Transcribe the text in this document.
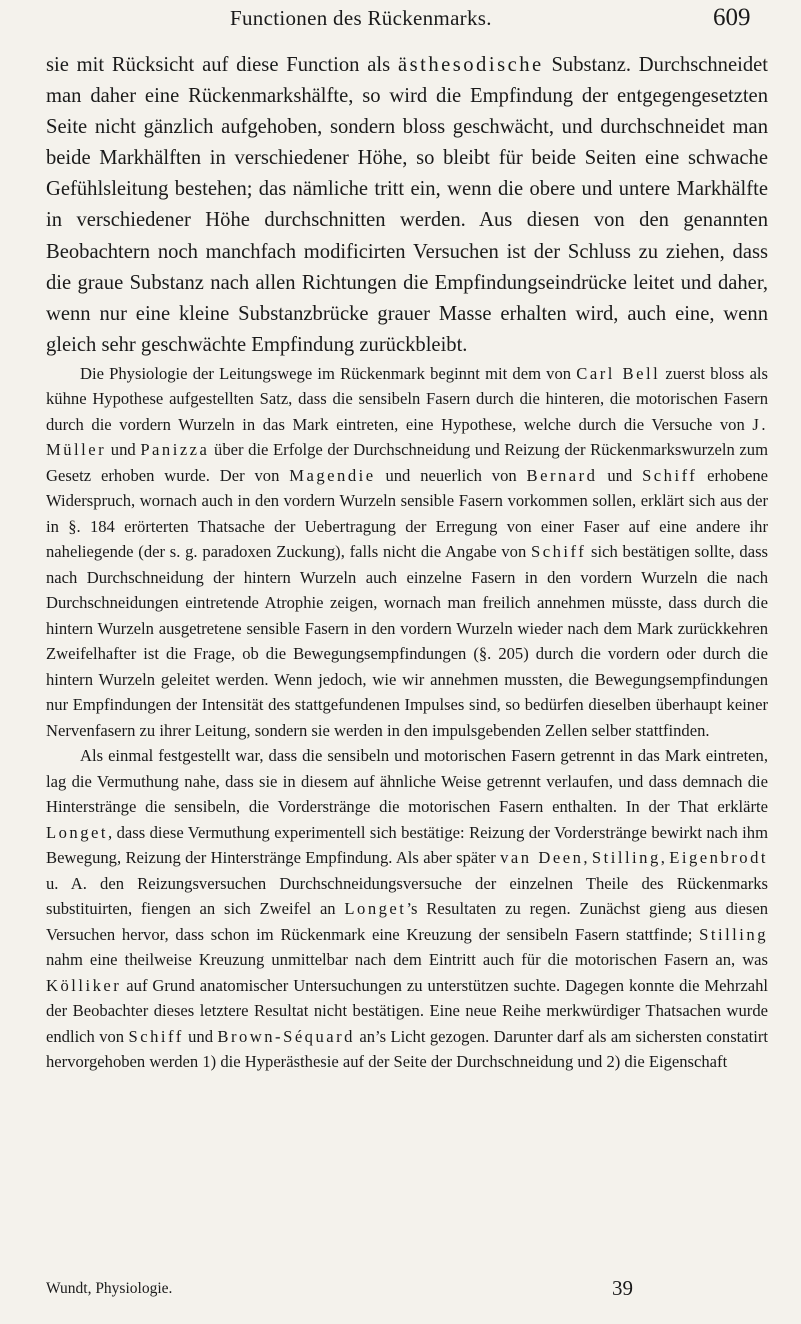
Functionen des Rückenmarks.	609

sie mit Rücksicht auf diese Function als ästhesodische Substanz. Durchschneidet man daher eine Rückenmarkshälfte, so wird die Empfindung der entgegengesetzten Seite nicht gänzlich aufgehoben, sondern bloss geschwächt, und durchschneidet man beide Markhälften in verschiedener Höhe, so bleibt für beide Seiten eine schwache Gefühlsleitung bestehen; das nämliche tritt ein, wenn die obere und untere Markhälfte in verschiedener Höhe durchschnitten werden. Aus diesen von den genannten Beobachtern noch manchfach modificirten Versuchen ist der Schluss zu ziehen, dass die graue Substanz nach allen Richtungen die Empfindungseindrücke leitet und daher, wenn nur eine kleine Substanzbrücke grauer Masse erhalten wird, auch eine, wenn gleich sehr geschwächte Empfindung zurückbleibt.

Die Physiologie der Leitungswege im Rückenmark beginnt mit dem von Carl Bell zuerst bloss als kühne Hypothese aufgestellten Satz, dass die sensibeln Fasern durch die hinteren, die motorischen Fasern durch die vordern Wurzeln in das Mark eintreten, eine Hypothese, welche durch die Versuche von J. Müller und Panizza über die Erfolge der Durchschneidung und Reizung der Rückenmarkswurzeln zum Gesetz erhoben wurde. Der von Magendie und neuerlich von Bernard und Schiff erhobene Widerspruch, wornach auch in den vordern Wurzeln sensible Fasern vorkommen sollen, erklärt sich aus der in §. 184 erörterten Thatsache der Uebertragung der Erregung von einer Faser auf eine andere ihr naheliegende (der s. g. paradoxen Zuckung), falls nicht die Angabe von Schiff sich bestätigen sollte, dass nach Durchschneidung der hintern Wurzeln auch einzelne Fasern in den vordern Wurzeln die nach Durchschneidungen eintretende Atrophie zeigen, wornach man freilich annehmen müsste, dass durch die hintern Wurzeln ausgetretene sensible Fasern in den vordern Wurzeln wieder nach dem Mark zurückkehren Zweifelhafter ist die Frage, ob die Bewegungsempfindungen (§. 205) durch die vordern oder durch die hintern Wurzeln geleitet werden. Wenn jedoch, wie wir annehmen mussten, die Bewegungsempfindungen nur Empfindungen der Intensität des stattgefundenen Impulses sind, so bedürfen dieselben überhaupt keiner Nervenfasern zu ihrer Leitung, sondern sie werden in den impulsgebenden Zellen selber stattfinden.

Als einmal festgestellt war, dass die sensibeln und motorischen Fasern getrennt in das Mark eintreten, lag die Vermuthung nahe, dass sie in diesem auf ähnliche Weise getrennt verlaufen, und dass demnach die Hinterstränge die sensibeln, die Vorderstränge die motorischen Fasern enthalten. In der That erklärte Longet, dass diese Vermuthung experimentell sich bestätige: Reizung der Vorderstränge bewirkt nach ihm Bewegung, Reizung der Hinterstränge Empfindung. Als aber später van Deen, Stilling, Eigenbrodt u. A. den Reizungsversuchen Durchschneidungsversuche der einzelnen Theile des Rückenmarks substituirten, fiengen an sich Zweifel an Longet’s Resultaten zu regen. Zunächst gieng aus diesen Versuchen hervor, dass schon im Rückenmark eine Kreuzung der sensibeln Fasern stattfinde; Stilling nahm eine theilweise Kreuzung unmittelbar nach dem Eintritt auch für die motorischen Fasern an, was Kölliker auf Grund anatomischer Untersuchungen zu unterstützen suchte. Dagegen konnte die Mehrzahl der Beobachter dieses letztere Resultat nicht bestätigen. Eine neue Reihe merkwürdiger Thatsachen wurde endlich von Schiff und Brown-Séquard an’s Licht gezogen. Darunter darf als am sichersten constatirt hervorgehoben werden 1) die Hyperästhesie auf der Seite der Durchschneidung und 2) die Eigenschaft

Wundt, Physiologie.	39
